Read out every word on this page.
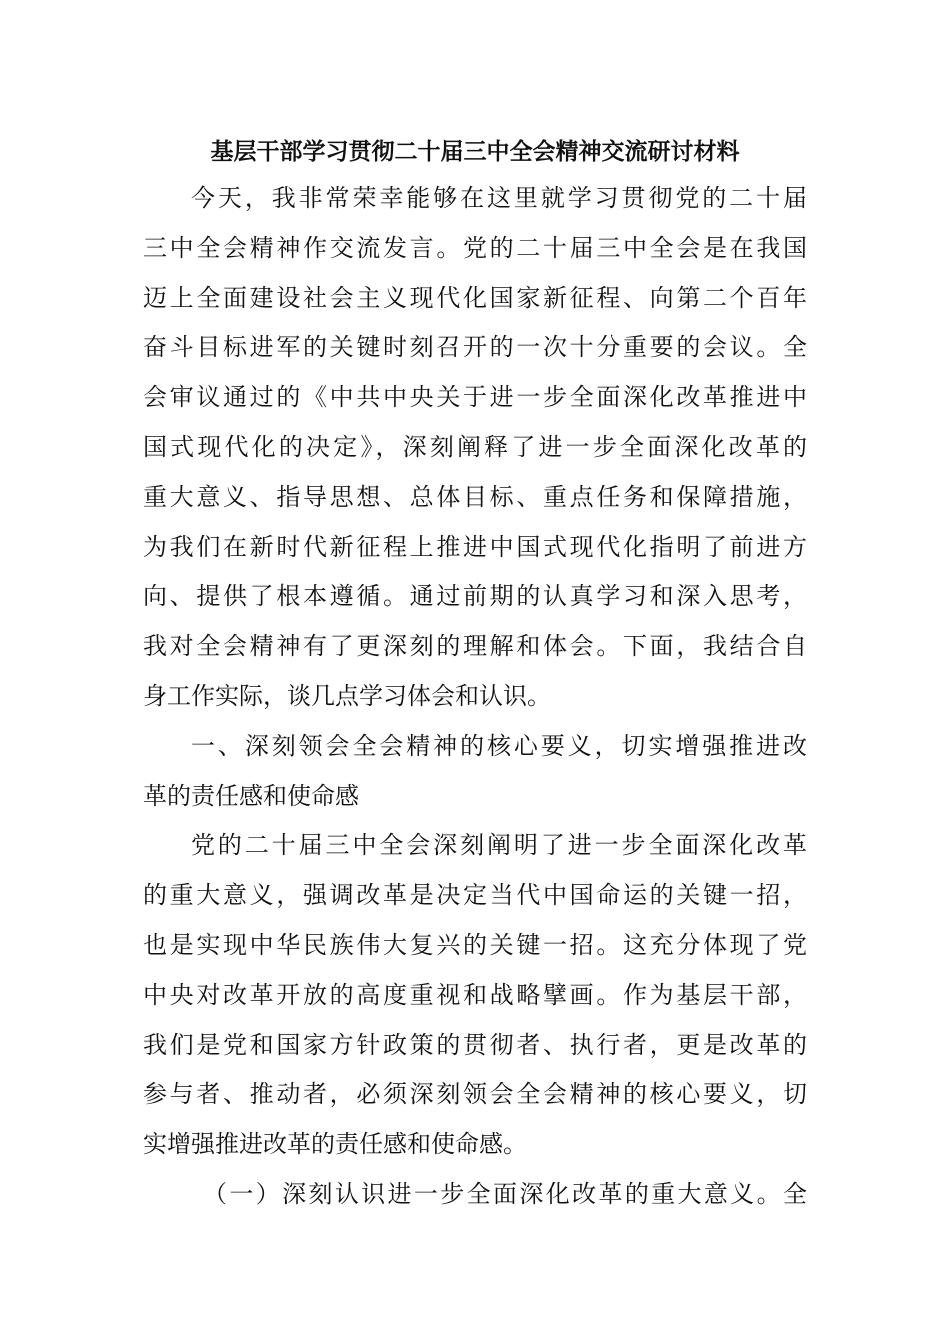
基层干部学习贯彻二十届三中全会精神交流研讨材料
今天，我非常荣幸能够在这里就学习贯彻党的二十届
三中全会精神作交流发言。党的二十届三中全会是在我国
迈上全面建设社会主义现代化国家新征程、向第二个百年
奋斗目标进军的关键时刻召开的一次十分重要的会议。全
会审议通过的《中共中央关于进一步全面深化改革推进中
国式现代化的决定》，深刻阐释了进一步全面深化改革的
重大意义、指导思想、总体目标、重点任务和保障措施，
为我们在新时代新征程上推进中国式现代化指明了前进方
向、提供了根本遵循。通过前期的认真学习和深入思考，
我对全会精神有了更深刻的理解和体会。下面，我结合自
身工作实际，谈几点学习体会和认识。
一、深刻领会全会精神的核心要义，切实增强推进改
革的责任感和使命感
党的二十届三中全会深刻阐明了进一步全面深化改革
的重大意义，强调改革是决定当代中国命运的关键一招，
也是实现中华民族伟大复兴的关键一招。这充分体现了党
中央对改革开放的高度重视和战略擘画。作为基层干部，
我们是党和国家方针政策的贯彻者、执行者，更是改革的
参与者、推动者，必须深刻领会全会精神的核心要义，切
实增强推进改革的责任感和使命感。
（一）深刻认识进一步全面深化改革的重大意义。全
